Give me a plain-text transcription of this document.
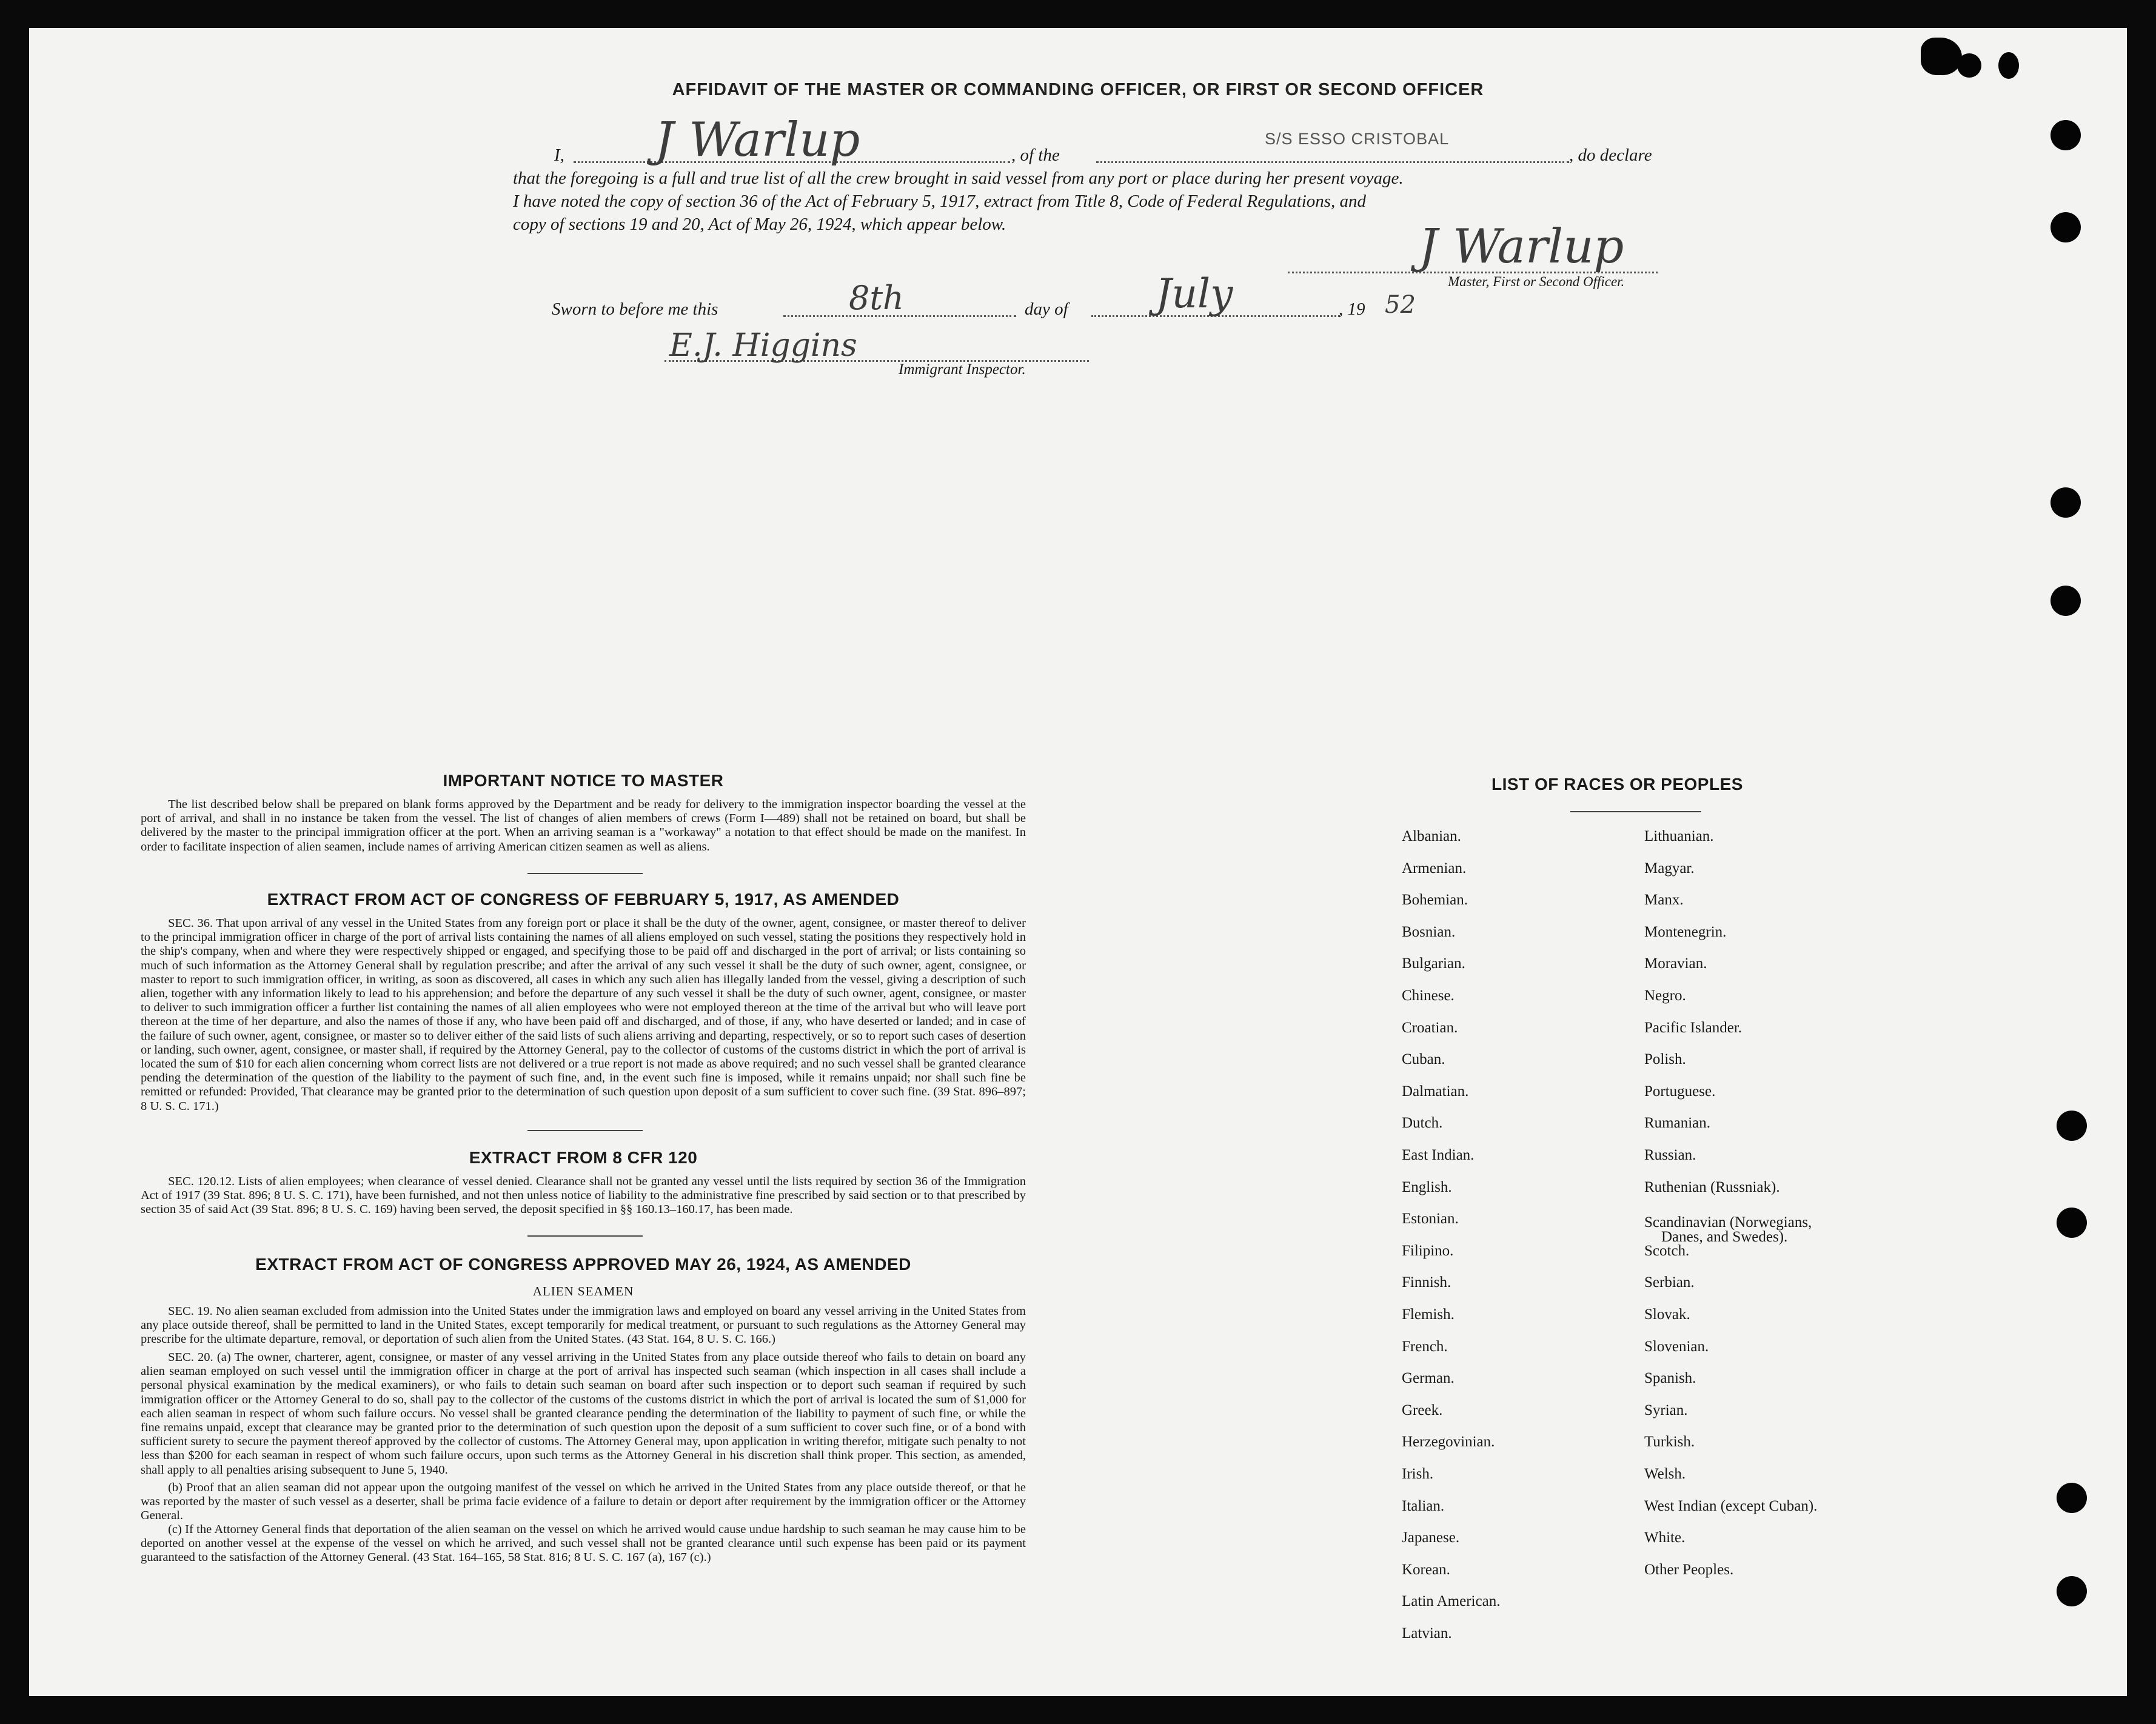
AFFIDAVIT OF THE MASTER OR COMMANDING OFFICER, OR FIRST OR SECOND OFFICER
I, J Warlup	, of the
S/S ESSO CRISTOBAL
, do declare
that the foregoing is a full and true list of all the crew brought in said vessel from any port or place during her present voyage.
I have noted the copy of section 36 of the Act of February 5, 1917, extract from Title 8, Code of Federal Regulations, and
copy of sections 19 and 20, Act of May 26, 1924, which appear below.	J Warlup
Master, First or Second Officer.
Sworn to before me this	8th	day of July	, 19 52
E.J. Higgins
Immigrant Inspector.
IMPORTANT NOTICE TO MASTER
The list described below shall be prepared on blank forms approved by the Department and be ready for delivery to the immigration inspector boarding the vessel at the port of arrival, and shall in no instance be taken from the vessel. The list of changes of alien members of crews (Form I—489) shall not be retained on board, but shall be delivered by the master to the principal immigration officer at the port. When an arriving seaman is a "workaway" a notation to that effect should be made on the manifest. In order to facilitate inspection of alien seamen, include names of arriving American citizen seamen as well as aliens.
EXTRACT FROM ACT OF CONGRESS OF FEBRUARY 5, 1917, AS AMENDED
SEC. 36. That upon arrival of any vessel in the United States from any foreign port or place it shall be the duty of the owner, agent, consignee, or master thereof to deliver to the principal immigration officer in charge of the port of arrival lists containing the names of all aliens employed on such vessel, stating the positions they respectively hold in the ship's company, when and where they were respectively shipped or engaged, and specifying those to be paid off and discharged in the port of arrival; or lists containing so much of such information as the Attorney General shall by regulation prescribe; and after the arrival of any such vessel it shall be the duty of such owner, agent, consignee, or master to report to such immigration officer, in writing, as soon as discovered, all cases in which any such alien has illegally landed from the vessel, giving a description of such alien, together with any information likely to lead to his apprehension; and before the departure of any such vessel it shall be the duty of such owner, agent, consignee, or master to deliver to such immigration officer a further list containing the names of all alien employees who were not employed thereon at the time of the arrival but who will leave port thereon at the time of her departure, and also the names of those if any, who have been paid off and discharged, and of those, if any, who have deserted or landed; and in case of the failure of such owner, agent, consignee, or master so to deliver either of the said lists of such aliens arriving and departing, respectively, or so to report such cases of desertion or landing, such owner, agent, consignee, or master shall, if required by the Attorney General, pay to the collector of customs of the customs district in which the port of arrival is located the sum of $10 for each alien concerning whom correct lists are not delivered or a true report is not made as above required; and no such vessel shall be granted clearance pending the determination of the question of the liability to the payment of such fine, and, in the event such fine is imposed, while it remains unpaid; nor shall such fine be remitted or refunded: Provided, That clearance may be granted prior to the determination of such question upon deposit of a sum sufficient to cover such fine. (39 Stat. 896–897; 8 U. S. C. 171.)
EXTRACT FROM 8 CFR 120
SEC. 120.12. Lists of alien employees; when clearance of vessel denied. Clearance shall not be granted any vessel until the lists required by section 36 of the Immigration Act of 1917 (39 Stat. 896; 8 U. S. C. 171), have been furnished, and not then unless notice of liability to the administrative fine prescribed by said section or to that prescribed by section 35 of said Act (39 Stat. 896; 8 U. S. C. 169) having been served, the deposit specified in §§ 160.13–160.17, has been made.
EXTRACT FROM ACT OF CONGRESS APPROVED MAY 26, 1924, AS AMENDED
ALIEN SEAMEN
SEC. 19. No alien seaman excluded from admission into the United States under the immigration laws and employed on board any vessel arriving in the United States from any place outside thereof, shall be permitted to land in the United States, except temporarily for medical treatment, or pursuant to such regulations as the Attorney General may prescribe for the ultimate departure, removal, or deportation of such alien from the United States. (43 Stat. 164, 8 U. S. C. 166.)
SEC. 20. (a) The owner, charterer, agent, consignee, or master of any vessel arriving in the United States from any place outside thereof who fails to detain on board any alien seaman employed on such vessel until the immigration officer in charge at the port of arrival has inspected such seaman (which inspection in all cases shall include a personal physical examination by the medical examiners), or who fails to detain such seaman on board after such inspection or to deport such seaman if required by such immigration officer or the Attorney General to do so, shall pay to the collector of the customs of the customs district in which the port of arrival is located the sum of $1,000 for each alien seaman in respect of whom such failure occurs. No vessel shall be granted clearance pending the determination of the liability to payment of such fine, or while the fine remains unpaid, except that clearance may be granted prior to the determination of such question upon the deposit of a sum sufficient to cover such fine, or of a bond with sufficient surety to secure the payment thereof approved by the collector of customs. The Attorney General may, upon application in writing therefor, mitigate such penalty to not less than $200 for each seaman in respect of whom such failure occurs, upon such terms as the Attorney General in his discretion shall think proper. This section, as amended, shall apply to all penalties arising subsequent to June 5, 1940.
(b) Proof that an alien seaman did not appear upon the outgoing manifest of the vessel on which he arrived in the United States from any place outside thereof, or that he was reported by the master of such vessel as a deserter, shall be prima facie evidence of a failure to detain or deport after requirement by the immigration officer or the Attorney General.
(c) If the Attorney General finds that deportation of the alien seaman on the vessel on which he arrived would cause undue hardship to such seaman he may cause him to be deported on another vessel at the expense of the vessel on which he arrived, and such vessel shall not be granted clearance until such expense has been paid or its payment guaranteed to the satisfaction of the Attorney General. (43 Stat. 164–165, 58 Stat. 816; 8 U. S. C. 167 (a), 167 (c).)
LIST OF RACES OR PEOPLES
Albanian.
Armenian.
Bohemian.
Bosnian.
Bulgarian.
Chinese.
Croatian.
Cuban.
Dalmatian.
Dutch.
East Indian.
English.
Estonian.
Filipino.
Finnish.
Flemish.
French.
German.
Greek.
Herzegovinian.
Irish.
Italian.
Japanese.
Korean.
Latin American.
Latvian.
Lithuanian.
Magyar.
Manx.
Montenegrin.
Moravian.
Negro.
Pacific Islander.
Polish.
Portuguese.
Rumanian.
Russian.
Ruthenian (Russniak).
Scandinavian (Norwegians,
Danes, and Swedes).
Scotch.
Serbian.
Slovak.
Slovenian.
Spanish.
Syrian.
Turkish.
Welsh.
West Indian (except Cuban).
White.
Other Peoples.
